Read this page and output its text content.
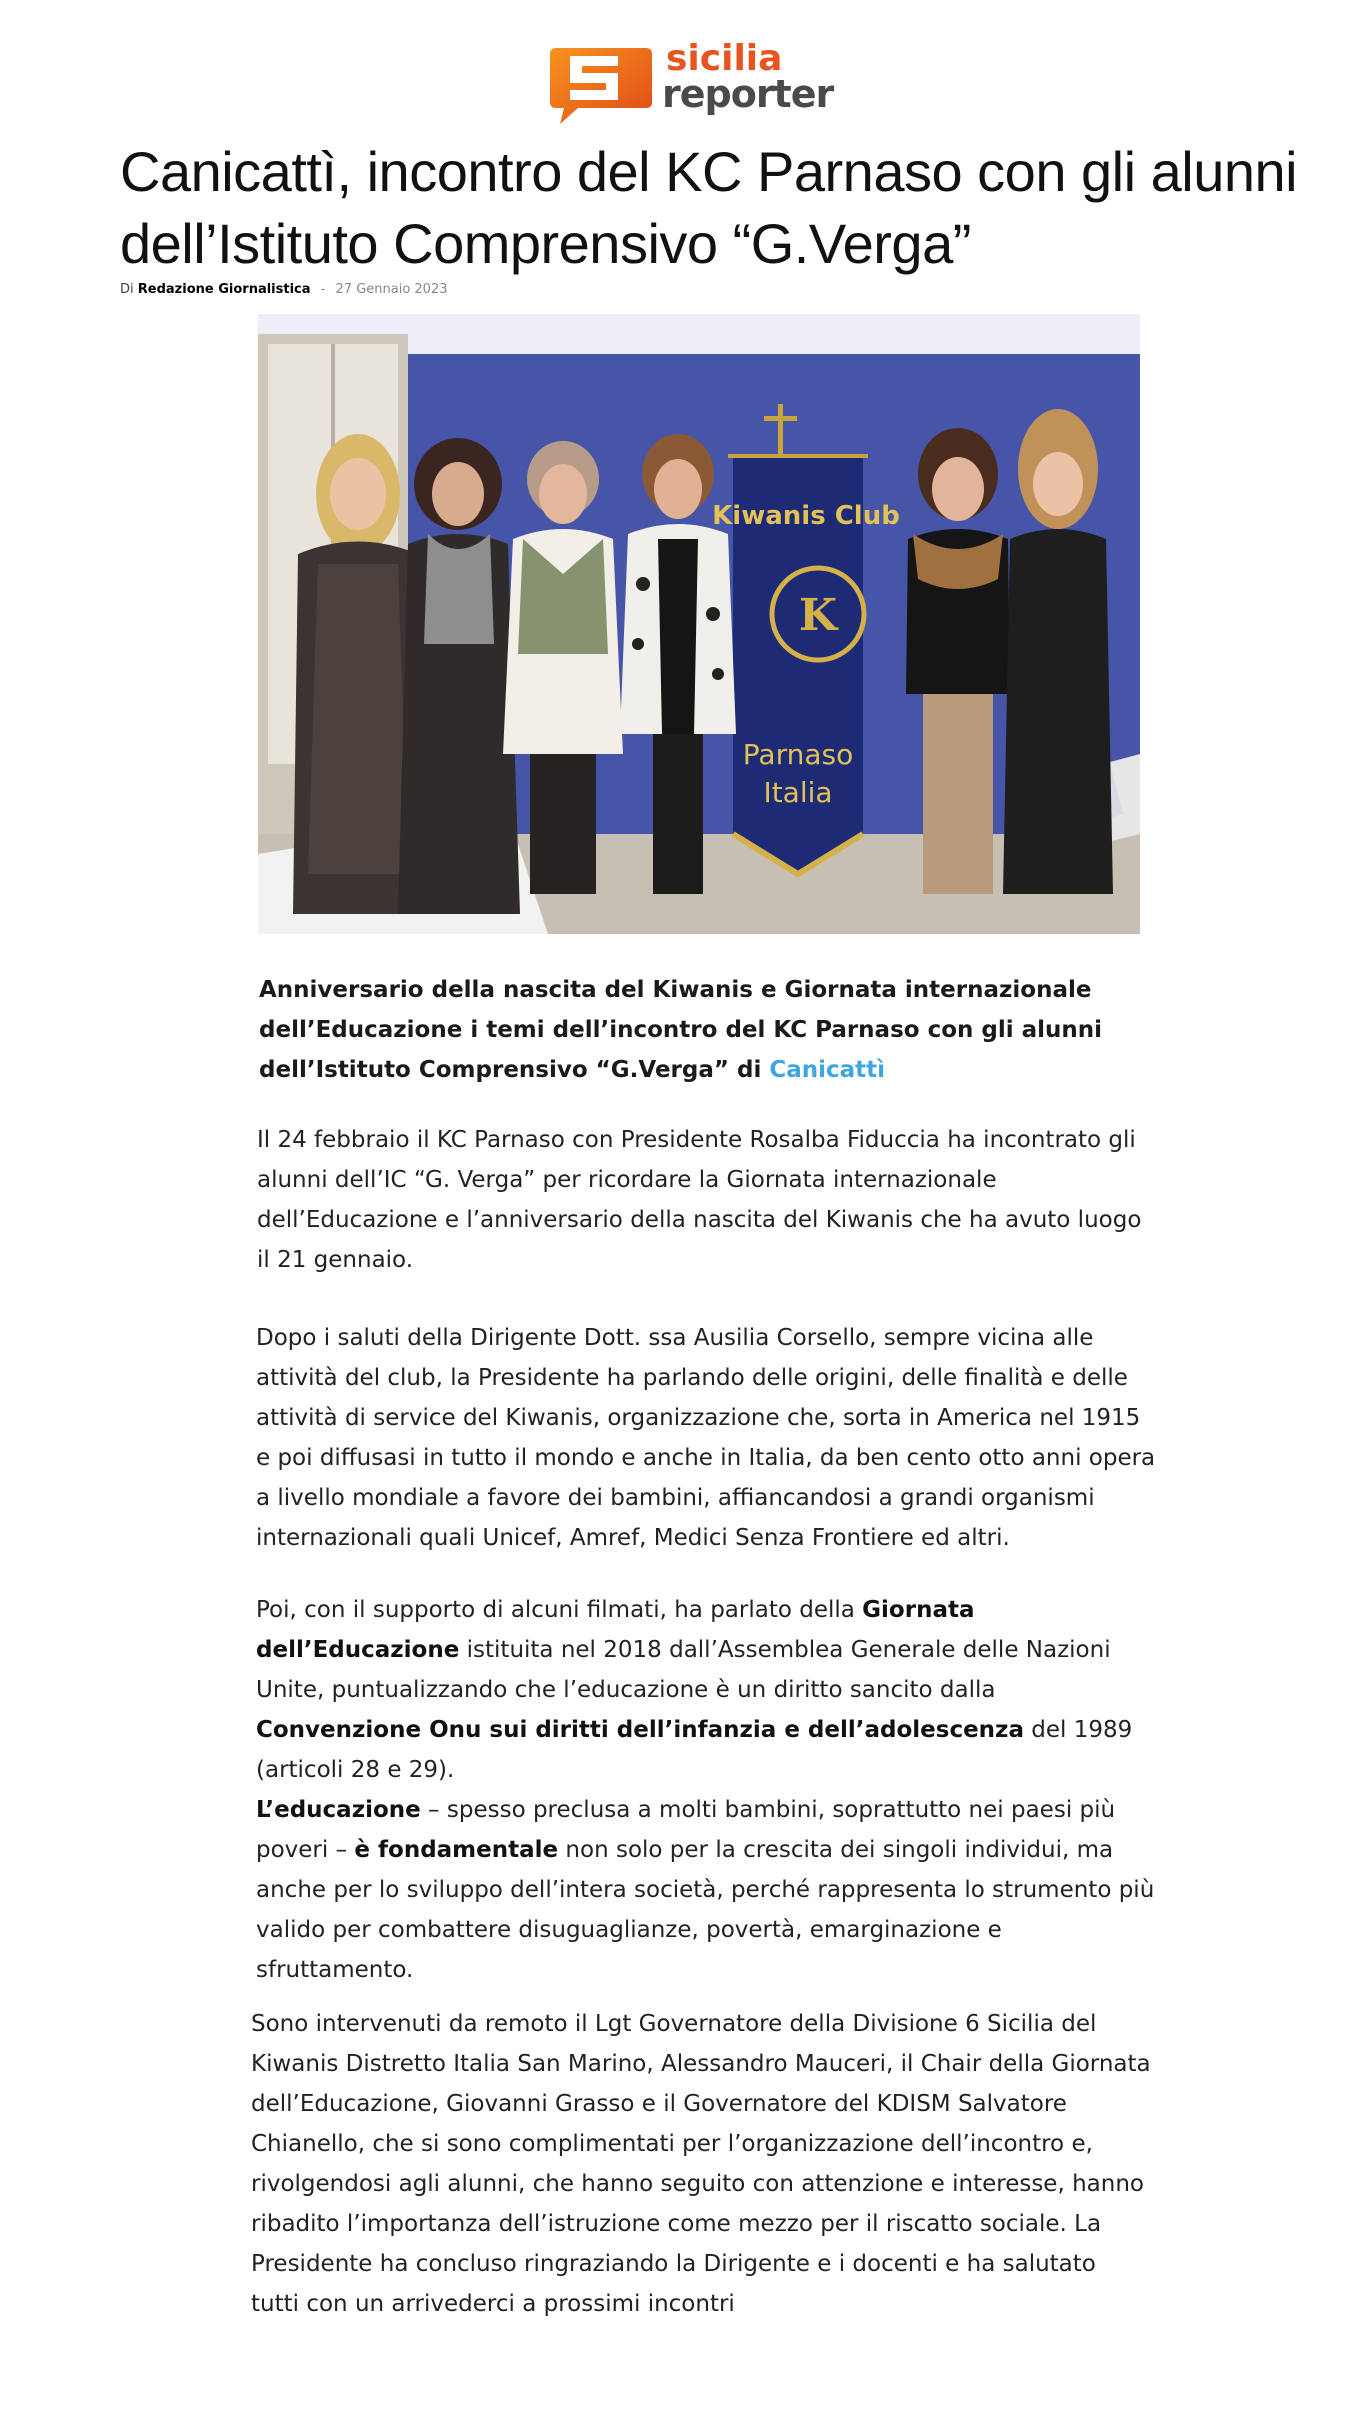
sicilia
reporter
Canicattì, incontro del KC Parnaso con gli alunni dell’Istituto Comprensivo “G.Verga”
Di Redazione Giornalistica - 27 Gennaio 2023
K
Kiwanis Club
Parnaso
Italia

Anniversario della nascita del Kiwanis e Giornata internazionale dell’Educazione i temi dell’incontro del KC Parnaso con gli alunni dell’Istituto Comprensivo “G.Verga” di Canicattì

Il 24 febbraio il KC Parnaso con Presidente Rosalba Fiduccia ha incontrato gli alunni dell’IC “G. Verga” per ricordare la Giornata internazionale dell’Educazione e l’anniversario della nascita del Kiwanis che ha avuto luogo il 21 gennaio.

Dopo i saluti della Dirigente Dott. ssa Ausilia Corsello, sempre vicina alle attività del club, la Presidente ha parlando delle origini, delle finalità e delle attività di service del Kiwanis, organizzazione che, sorta in America nel 1915 e poi diffusasi in tutto il mondo e anche in Italia, da ben cento otto anni opera a livello mondiale a favore dei bambini, affiancandosi a grandi organismi internazionali quali Unicef, Amref, Medici Senza Frontiere ed altri.

Poi, con il supporto di alcuni filmati, ha parlato della Giornata dell’Educazione istituita nel 2018 dall’Assemblea Generale delle Nazioni Unite, puntualizzando che l’educazione è un diritto sancito dalla Convenzione Onu sui diritti dell’infanzia e dell’adolescenza del 1989 (articoli 28 e 29).

L’educazione – spesso preclusa a molti bambini, soprattutto nei paesi più poveri – è fondamentale non solo per la crescita dei singoli individui, ma anche per lo sviluppo dell’intera società, perché rappresenta lo strumento più valido per combattere disuguaglianze, povertà, emarginazione e sfruttamento.

Sono intervenuti da remoto il Lgt Governatore della Divisione 6 Sicilia del Kiwanis Distretto Italia San Marino, Alessandro Mauceri, il Chair della Giornata dell’Educazione, Giovanni Grasso e il Governatore del KDISM Salvatore Chianello, che si sono complimentati per l’organizzazione dell’incontro e, rivolgendosi agli alunni, che hanno seguito con attenzione e interesse, hanno ribadito l’importanza dell’istruzione come mezzo per il riscatto sociale. La Presidente ha concluso ringraziando la Dirigente e i docenti e ha salutato tutti con un arrivederci a prossimi incontri
